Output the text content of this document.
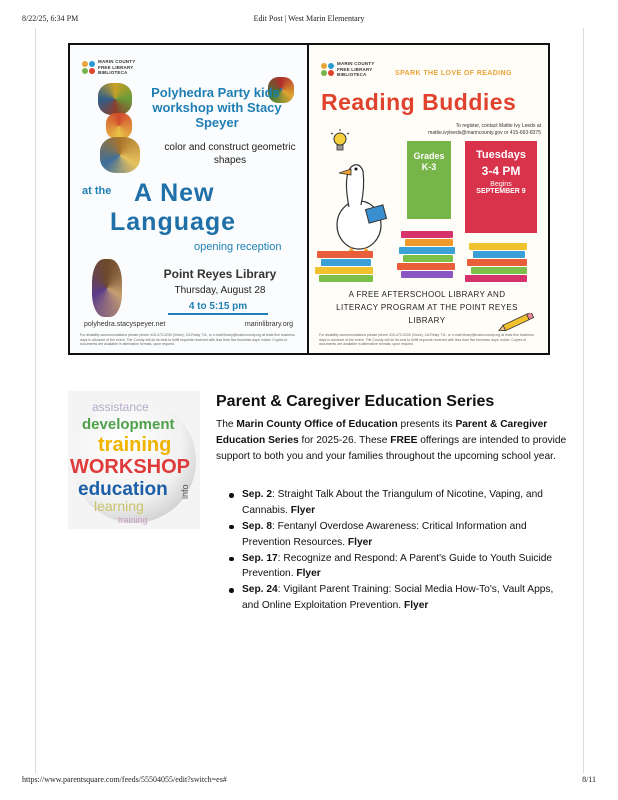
8/22/25, 6:34 PM	Edit Post | West Marin Elementary
MARIN COUNTY
FREE LIBRARY
BIBLIOTECA
Polyhedra Party kids' workshop with Stacy Speyer
color and construct geometric shapes
at the A New
Language
opening reception
Point Reyes Library
Thursday, August 28
4 to 5:15 pm
polyhedra.stacyspeyer.net	marinlibrary.org
For disability accommodations please phone 415-473-3200 (Voice), CA Relay 711, or e-mail library@marincounty.org at least five business days in advance of the event. The County will do its best to fulfill requests received with less than five business days' notice. Copies of documents are available in alternative formats, upon request.
MARIN COUNTY
FREE LIBRARY
BIBLIOTECA	SPARK THE LOVE OF READING
Reading Buddies
To register, contact Mattie Ivy Leeds at mattie.ivyleeds@marincounty.gov or 415-663-8375
Grades
K-3
Tuesdays
3-4 PM
Begins
SEPTEMBER 9
A FREE AFTERSCHOOL LIBRARY AND LITERACY PROGRAM AT THE POINT REYES LIBRARY
For disability accommodations please phone 415-473-3200 (Voice), CA Relay 711, or e-mail library@marincounty.org at least five business days in advance of the event. The County will do its best to fulfill requests received with less than five business days' notice. Copies of documents are available in alternative formats, upon request.
assistance
development
training
WORKSHOP
education info
learning
training
Parent & Caregiver Education Series

The Marin County Office of Education presents its Parent & Caregiver Education Series for 2025-26. These FREE offerings are intended to provide support to both you and your families throughout the upcoming school year.

Sep. 2: Straight Talk About the Triangulum of Nicotine, Vaping, and Cannabis. Flyer
Sep. 8: Fentanyl Overdose Awareness: Critical Information and Prevention Resources. Flyer
Sep. 17: Recognize and Respond: A Parent's Guide to Youth Suicide Prevention. Flyer
Sep. 24: Vigilant Parent Training: Social Media How-To's, Vault Apps, and Online Exploitation Prevention. Flyer
https://www.parentsquare.com/feeds/55504055/edit?switch=es#	8/11
